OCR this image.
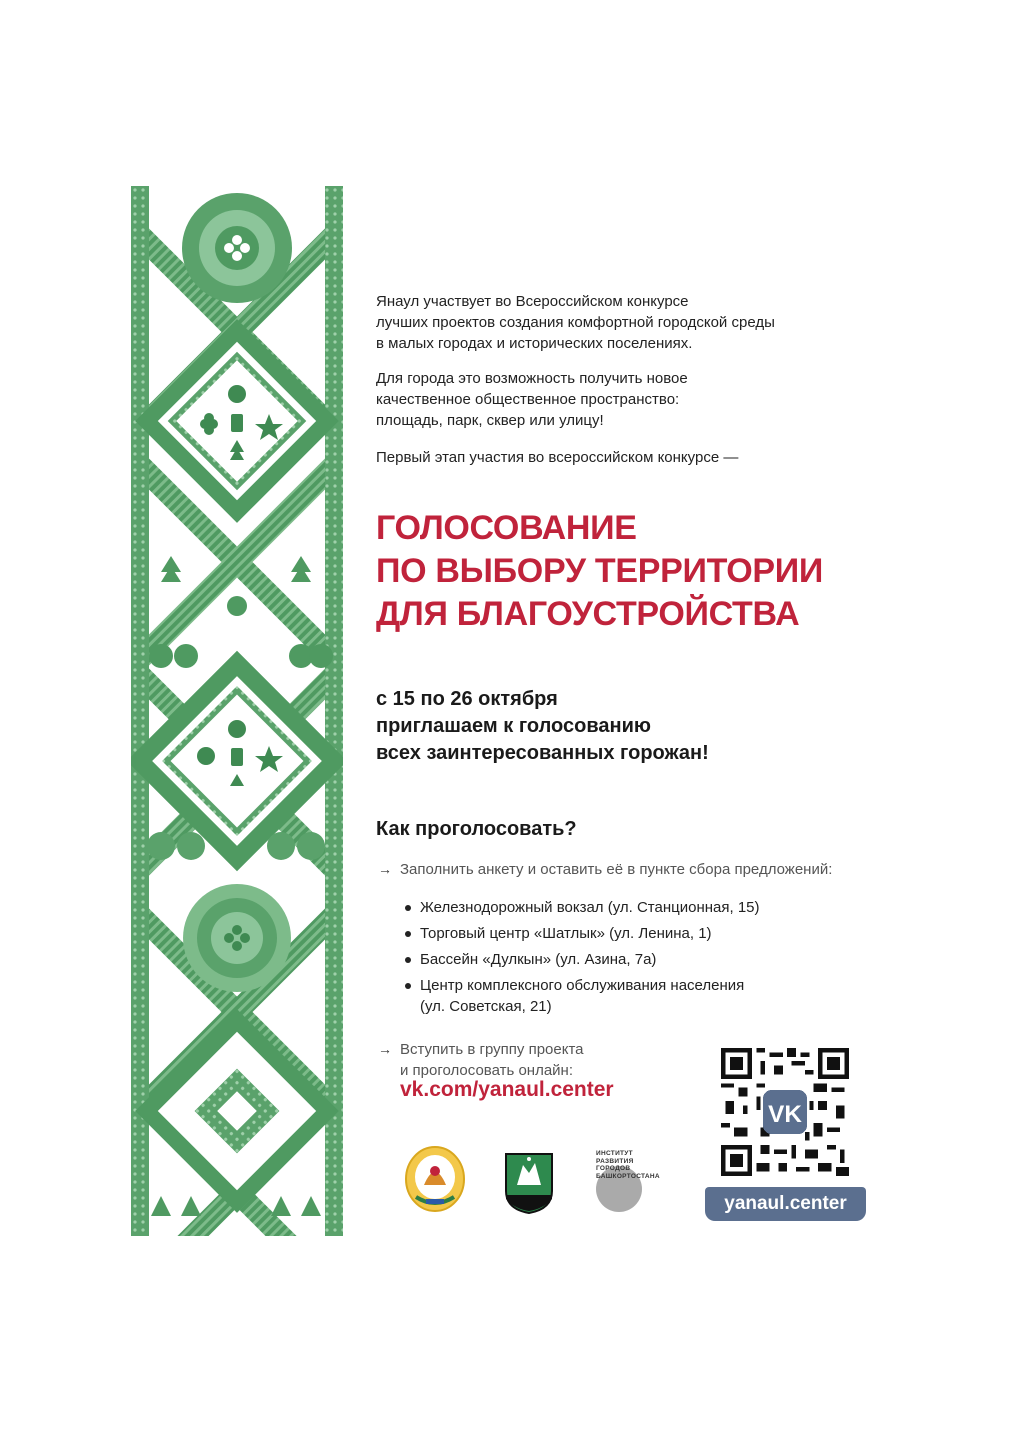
Янаул участвует во Всероссийском конкурсе
лучших проектов создания комфортной городской среды
в малых городах и исторических поселениях.
Для города это возможность получить новое
качественное общественное пространство:
площадь, парк, сквер или улицу!
Первый этап участия во всероссийском конкурсе —
ГОЛОСОВАНИЕ
ПО ВЫБОРУ ТЕРРИТОРИИ
ДЛЯ БЛАГОУСТРОЙСТВА
с 15 по 26 октября
приглашаем к голосованию
всех заинтересованных горожан!
Как проголосовать?
→ Заполнить анкету и оставить её в пункте сбора предложений:
Железнодорожный вокзал (ул. Станционная, 15)
Торговый центр «Шатлык» (ул. Ленина, 1)
Бассейн «Дулкын» (ул. Азина, 7а)
Центр комплексного обслуживания населения
(ул. Советская, 21)
→ Вступить в группу проекта
и проголосовать онлайн:
vk.com/yanaul.center
ИНСТИТУТ
РАЗВИТИЯ
ГОРОДОВ
БАШКОРТОСТАНА
VK
yanaul.center
